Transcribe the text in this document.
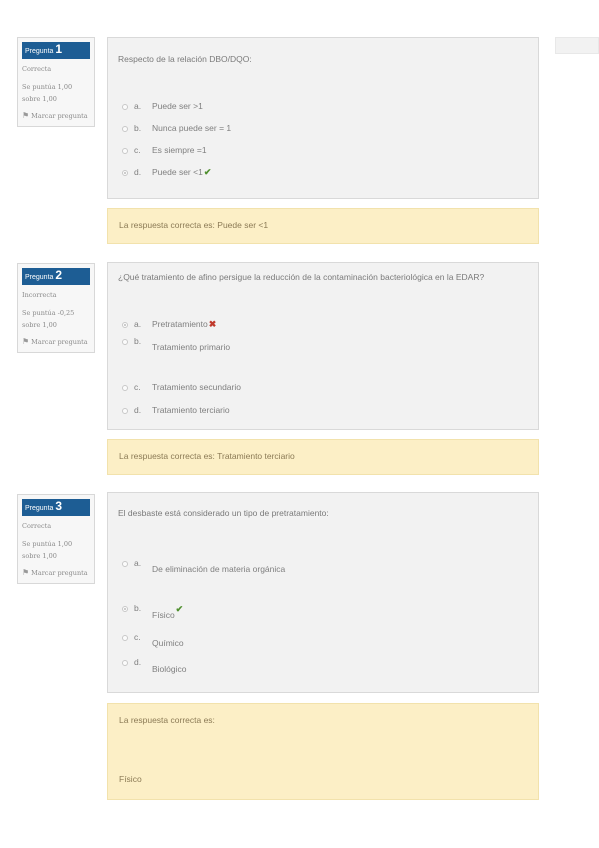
Pregunta 1
Correcta
Se puntúa 1,00
sobre 1,00
⚑ Marcar pregunta
Respecto de la relación DBO/DQO:
a. Puede ser >1
b. Nunca puede ser = 1
c. Es siempre =1
d. Puede ser <1✔
La respuesta correcta es: Puede ser <1
Pregunta 2
Incorrecta
Se puntúa -0,25
sobre 1,00
⚑ Marcar pregunta
¿Qué tratamiento de afino persigue la reducción de la contaminación bacteriológica en la EDAR?
a. Pretratamiento✖
b.
Tratamiento primario
c. Tratamiento secundario
d. Tratamiento terciario
La respuesta correcta es: Tratamiento terciario
Pregunta 3
Correcta
Se puntúa 1,00
sobre 1,00
⚑ Marcar pregunta
El desbaste está considerado un tipo de pretratamiento:
a.
De eliminación de materia orgánica
b.
Físico✔
c.
Químico
d.
Biológico
La respuesta correcta es:
Físico
